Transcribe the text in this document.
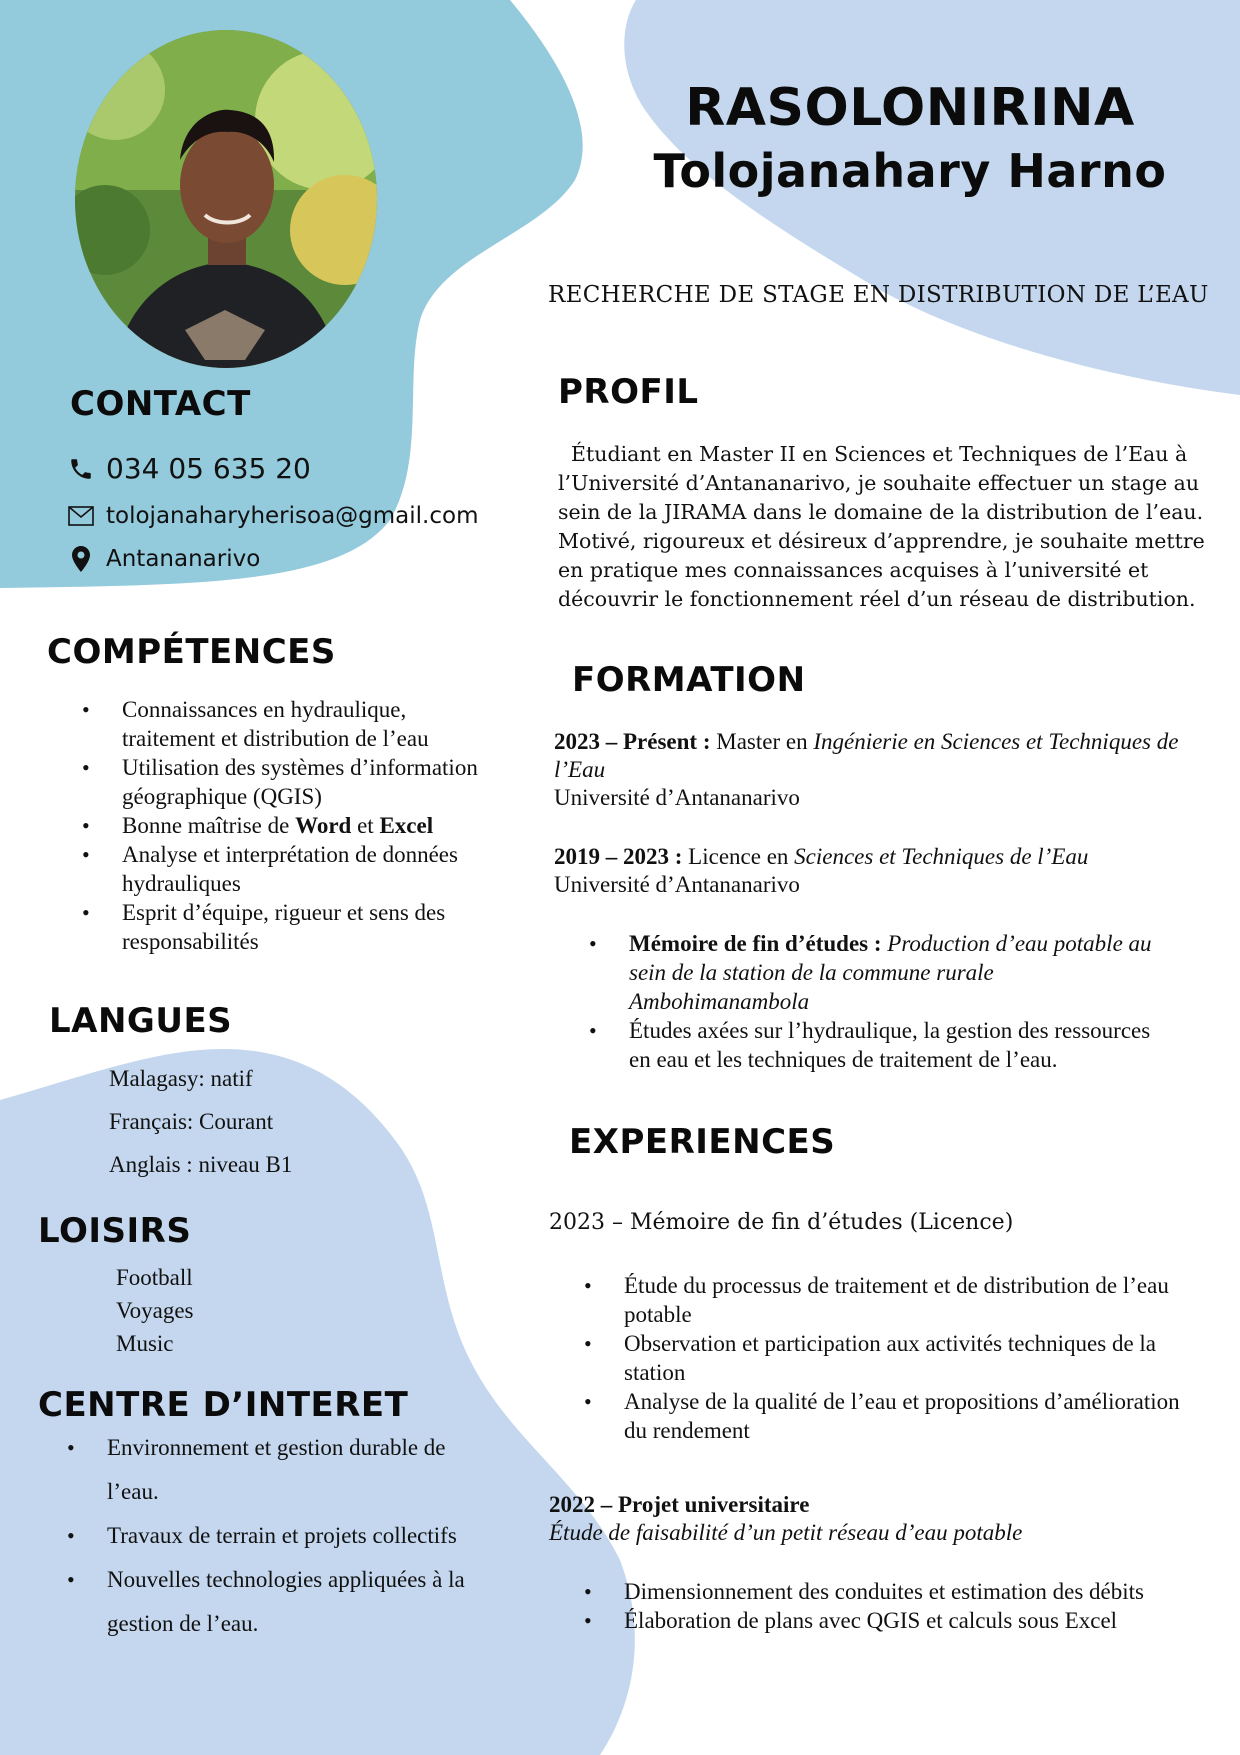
RASOLONIRINA
Tolojanahary Harno
RECHERCHE DE STAGE EN DISTRIBUTION DE L’EAU
CONTACT
034 05 635 20
tolojanaharyherisoa@gmail.com
Antananarivo
COMPÉTENCES
• Connaissances en hydraulique, traitement et distribution de l’eau
• Utilisation des systèmes d’information géographique (QGIS)
• Bonne maîtrise de Word et Excel
• Analyse et interprétation de données hydrauliques
• Esprit d’équipe, rigueur et sens des responsabilités
LANGUES
Malagasy: natif
Français: Courant
Anglais : niveau B1
LOISIRS
Football
Voyages
Music
CENTRE D’INTERET
• Environnement et gestion durable de l’eau.
• Travaux de terrain et projets collectifs
• Nouvelles technologies appliquées à la gestion de l’eau.
PROFIL
Étudiant en Master II en Sciences et Techniques de l’Eau à l’Université d’Antananarivo, je souhaite effectuer un stage au sein de la JIRAMA dans le domaine de la distribution de l’eau. Motivé, rigoureux et désireux d’apprendre, je souhaite mettre en pratique mes connaissances acquises à l’université et découvrir le fonctionnement réel d’un réseau de distribution.
FORMATION
2023 – Présent : Master en Ingénierie en Sciences et Techniques de l’Eau
Université d’Antananarivo
2019 – 2023 : Licence en Sciences et Techniques de l’Eau
Université d’Antananarivo
• Mémoire de fin d’études : Production d’eau potable au sein de la station de la commune rurale Ambohimanambola
• Études axées sur l’hydraulique, la gestion des ressources en eau et les techniques de traitement de l’eau.
EXPERIENCES
2023 – Mémoire de fin d’études (Licence)
• Étude du processus de traitement et de distribution de l’eau potable
• Observation et participation aux activités techniques de la station
• Analyse de la qualité de l’eau et propositions d’amélioration du rendement
2022 – Projet universitaire
Étude de faisabilité d’un petit réseau d’eau potable
• Dimensionnement des conduites et estimation des débits
• Élaboration de plans avec QGIS et calculs sous Excel
